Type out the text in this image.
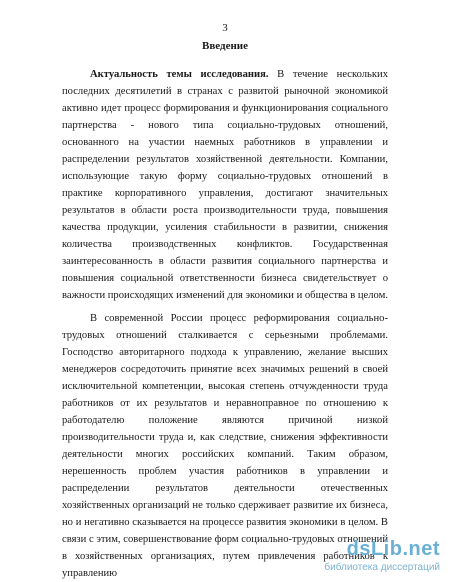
3
Введение

Актуальность темы исследования. В течение нескольких последних десятилетий в странах с развитой рыночной экономикой активно идет процесс формирования и функционирования социального партнерства - нового типа социально-трудовых отношений, основанного на участии наемных работников в управлении и распределении результатов хозяйственной деятельности. Компании, использующие такую форму социально-трудовых отношений в практике корпоративного управления, достигают значительных результатов в области роста производительности труда, повышения качества продукции, усиления стабильности в развитии, снижения количества производственных конфликтов. Государственная заинтересованность в области развития социального партнерства и повышения социальной ответственности бизнеса свидетельствует о важности происходящих изменений для экономики и общества в целом.

В современной России процесс реформирования социально-трудовых отношений сталкивается с серьезными проблемами. Господство авторитарного подхода к управлению, желание высших менеджеров сосредоточить принятие всех значимых решений в своей исключительной компетенции, высокая степень отчужденности труда работников от их результатов и неравноправное по отношению к работодателю положение являются причиной низкой производительности труда и, как следствие, снижения эффективности деятельности многих российских компаний. Таким образом, нерешенность проблем участия работников в управлении и распределении результатов деятельности отечественных хозяйственных организаций не только сдерживает развитие их бизнеса, но и негативно сказывается на процессе развития экономики в целом. В связи с этим, совершенствование форм социально-трудовых отношений в хозяйственных организациях, путем привлечения работников к управлению

dsLib.net
библиотека диссертаций
